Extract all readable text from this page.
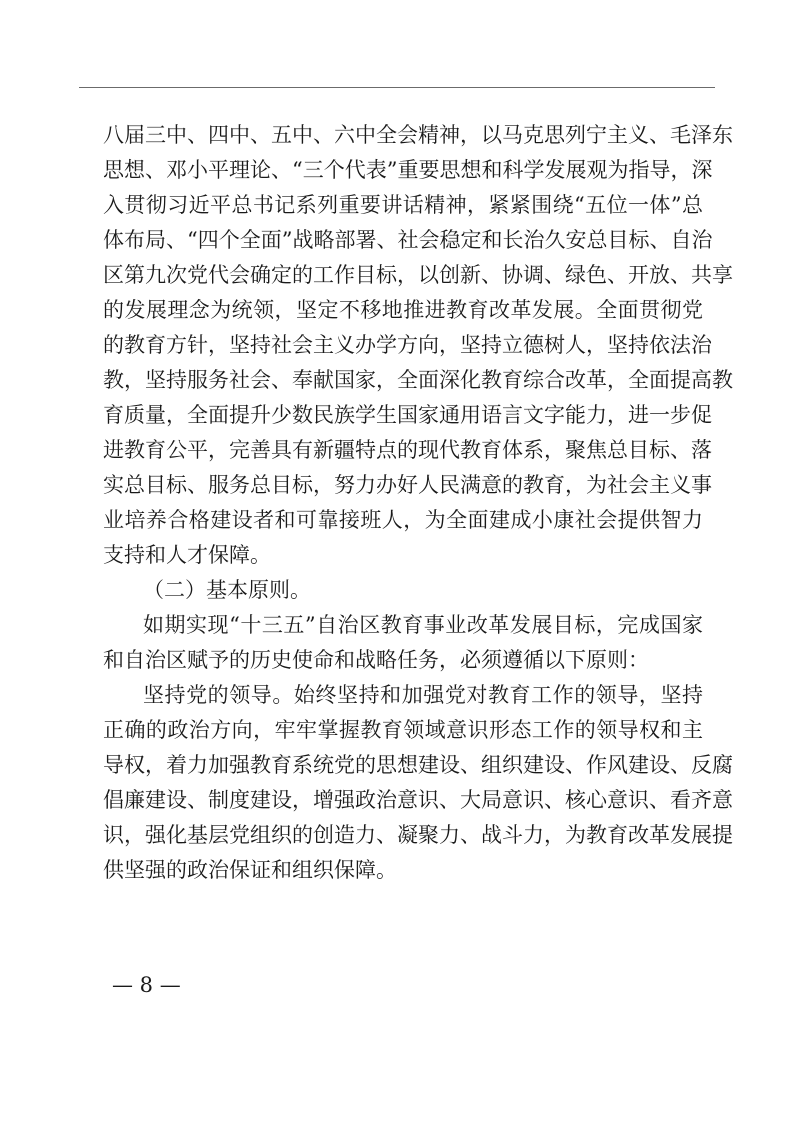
八届三中、四中、五中、六中全会精神，以马克思列宁主义、毛泽东
思想、邓小平理论、“三个代表”重要思想和科学发展观为指导，深
入贯彻习近平总书记系列重要讲话精神，紧紧围绕“五位一体”总
体布局、“四个全面”战略部署、社会稳定和长治久安总目标、自治
区第九次党代会确定的工作目标，以创新、协调、绿色、开放、共享
的发展理念为统领，坚定不移地推进教育改革发展。全面贯彻党
的教育方针，坚持社会主义办学方向，坚持立德树人，坚持依法治
教，坚持服务社会、奉献国家，全面深化教育综合改革，全面提高教
育质量，全面提升少数民族学生国家通用语言文字能力，进一步促
进教育公平，完善具有新疆特点的现代教育体系，聚焦总目标、落
实总目标、服务总目标，努力办好人民满意的教育，为社会主义事
业培养合格建设者和可靠接班人，为全面建成小康社会提供智力
支持和人才保障。
（二）基本原则。
如期实现“十三五”自治区教育事业改革发展目标，完成国家
和自治区赋予的历史使命和战略任务，必须遵循以下原则：
坚持党的领导。始终坚持和加强党对教育工作的领导，坚持
正确的政治方向，牢牢掌握教育领域意识形态工作的领导权和主
导权，着力加强教育系统党的思想建设、组织建设、作风建设、反腐
倡廉建设、制度建设，增强政治意识、大局意识、核心意识、看齐意
识，强化基层党组织的创造力、凝聚力、战斗力，为教育改革发展提
供坚强的政治保证和组织保障。
— 8 —
